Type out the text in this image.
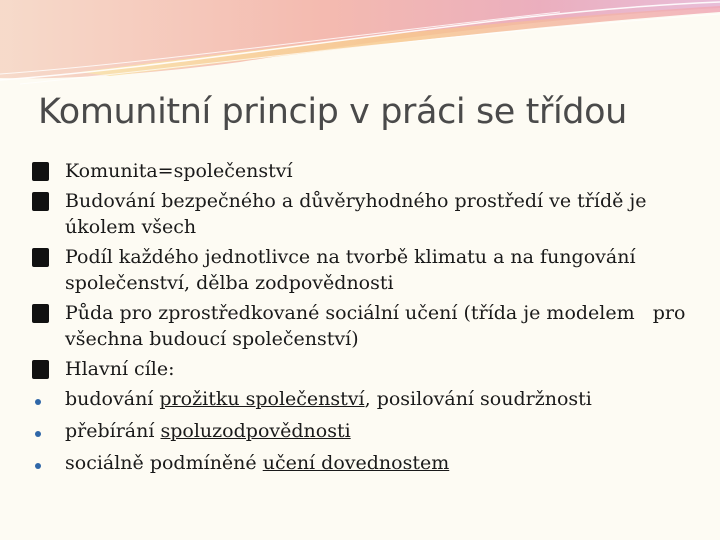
Komunitní princip v práci se třídou
Komunita=společenství
Budování bezpečného a důvěryhodného prostředí ve třídě je úkolem všech
Podíl každého jednotlivce na tvorbě klimatu a na fungování společenství, dělba zodpovědnosti
Půda pro zprostředkované sociální učení (třída je modelem   pro všechna budoucí společenství)
Hlavní cíle:
budování prožitku společenství, posilování soudržnosti
přebírání spoluzodpovědnosti
sociálně podmíněné učení dovednostem
